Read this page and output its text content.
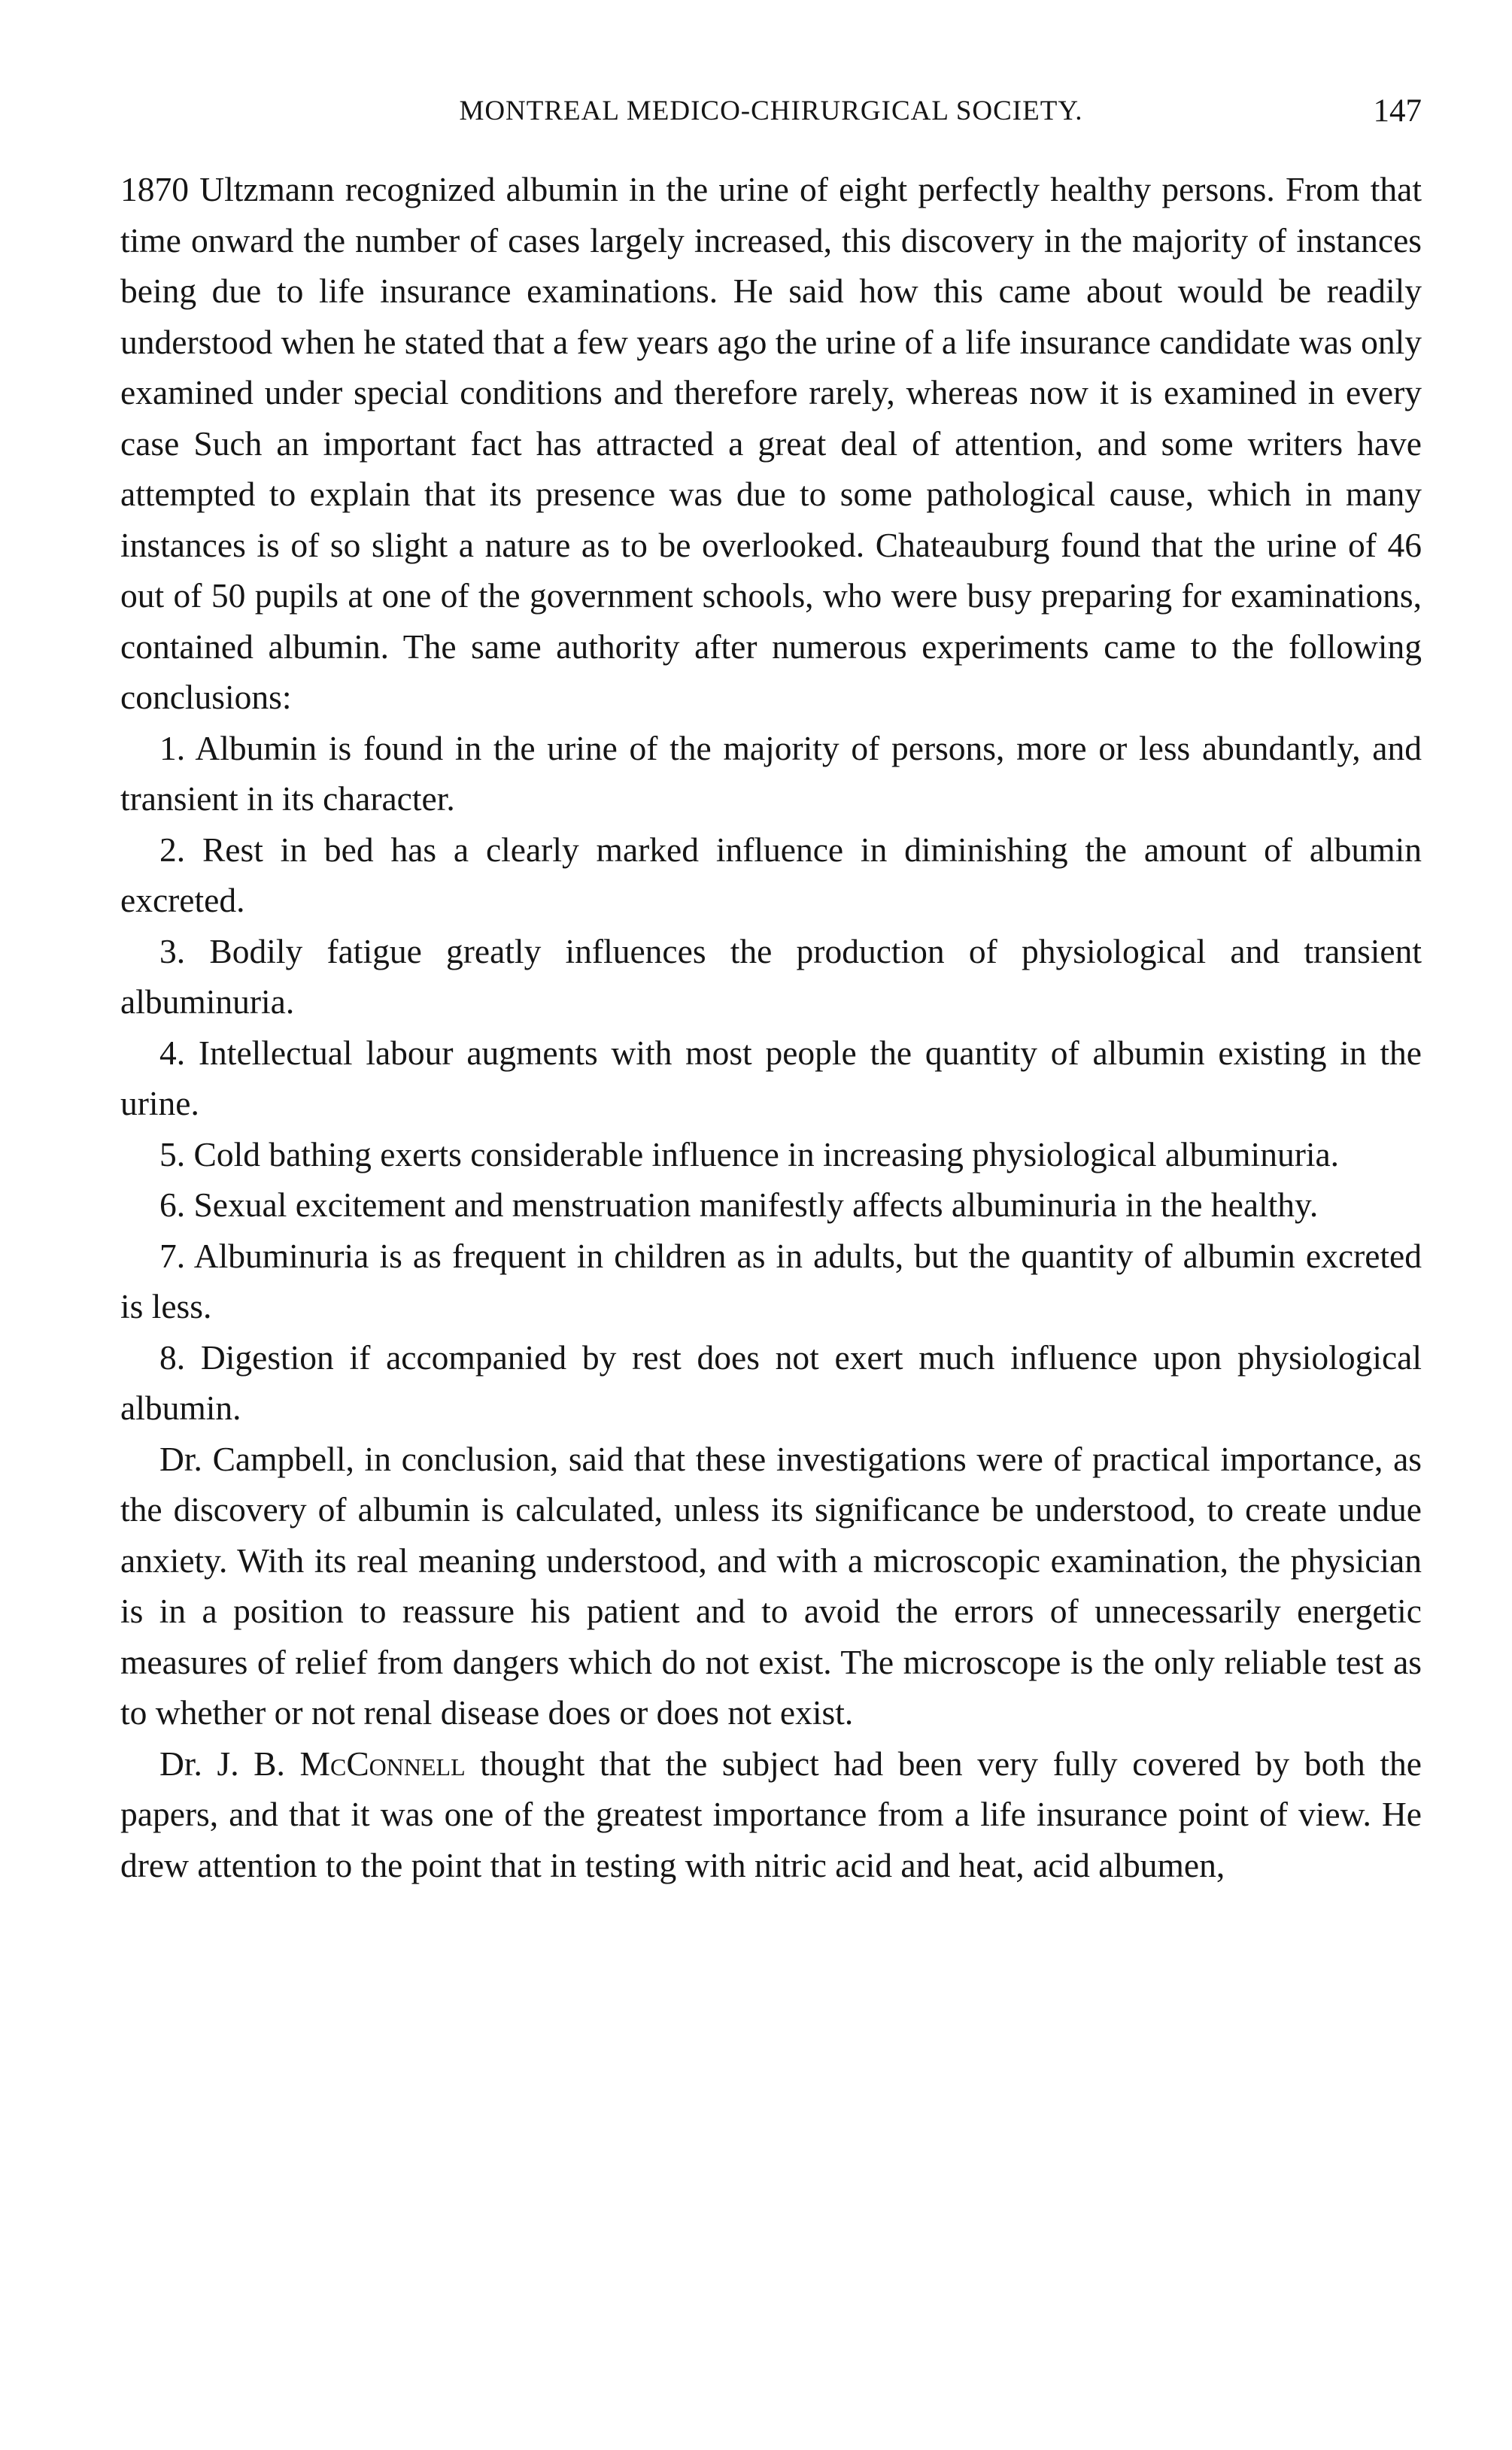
MONTREAL MEDICO-CHIRURGICAL SOCIETY.	147

1870 Ultzmann recognized albumin in the urine of eight perfectly healthy persons. From that time onward the number of cases largely increased, this discovery in the majority of instances being due to life insurance examinations. He said how this came about would be readily understood when he stated that a few years ago the urine of a life insurance candidate was only examined under special conditions and therefore rarely, whereas now it is examined in every case Such an important fact has attracted a great deal of attention, and some writers have attempted to explain that its presence was due to some pathological cause, which in many instances is of so slight a nature as to be overlooked. Chateauburg found that the urine of 46 out of 50 pupils at one of the government schools, who were busy preparing for examinations, contained albumin. The same authority after numerous experiments came to the following conclusions:

1. Albumin is found in the urine of the majority of persons, more or less abundantly, and transient in its character.

2. Rest in bed has a clearly marked influence in diminishing the amount of albumin excreted.

3. Bodily fatigue greatly influences the production of physiological and transient albuminuria.

4. Intellectual labour augments with most people the quantity of albumin existing in the urine.

5. Cold bathing exerts considerable influence in increasing physiological albuminuria.

6. Sexual excitement and menstruation manifestly affects albuminuria in the healthy.

7. Albuminuria is as frequent in children as in adults, but the quantity of albumin excreted is less.

8. Digestion if accompanied by rest does not exert much influence upon physiological albumin.

Dr. Campbell, in conclusion, said that these investigations were of practical importance, as the discovery of albumin is calculated, unless its significance be understood, to create undue anxiety. With its real meaning understood, and with a microscopic examination, the physician is in a position to reassure his patient and to avoid the errors of unnecessarily energetic measures of relief from dangers which do not exist. The microscope is the only reliable test as to whether or not renal disease does or does not exist.

Dr. J. B. McConnell thought that the subject had been very fully covered by both the papers, and that it was one of the greatest importance from a life insurance point of view. He drew attention to the point that in testing with nitric acid and heat, acid albumen,
